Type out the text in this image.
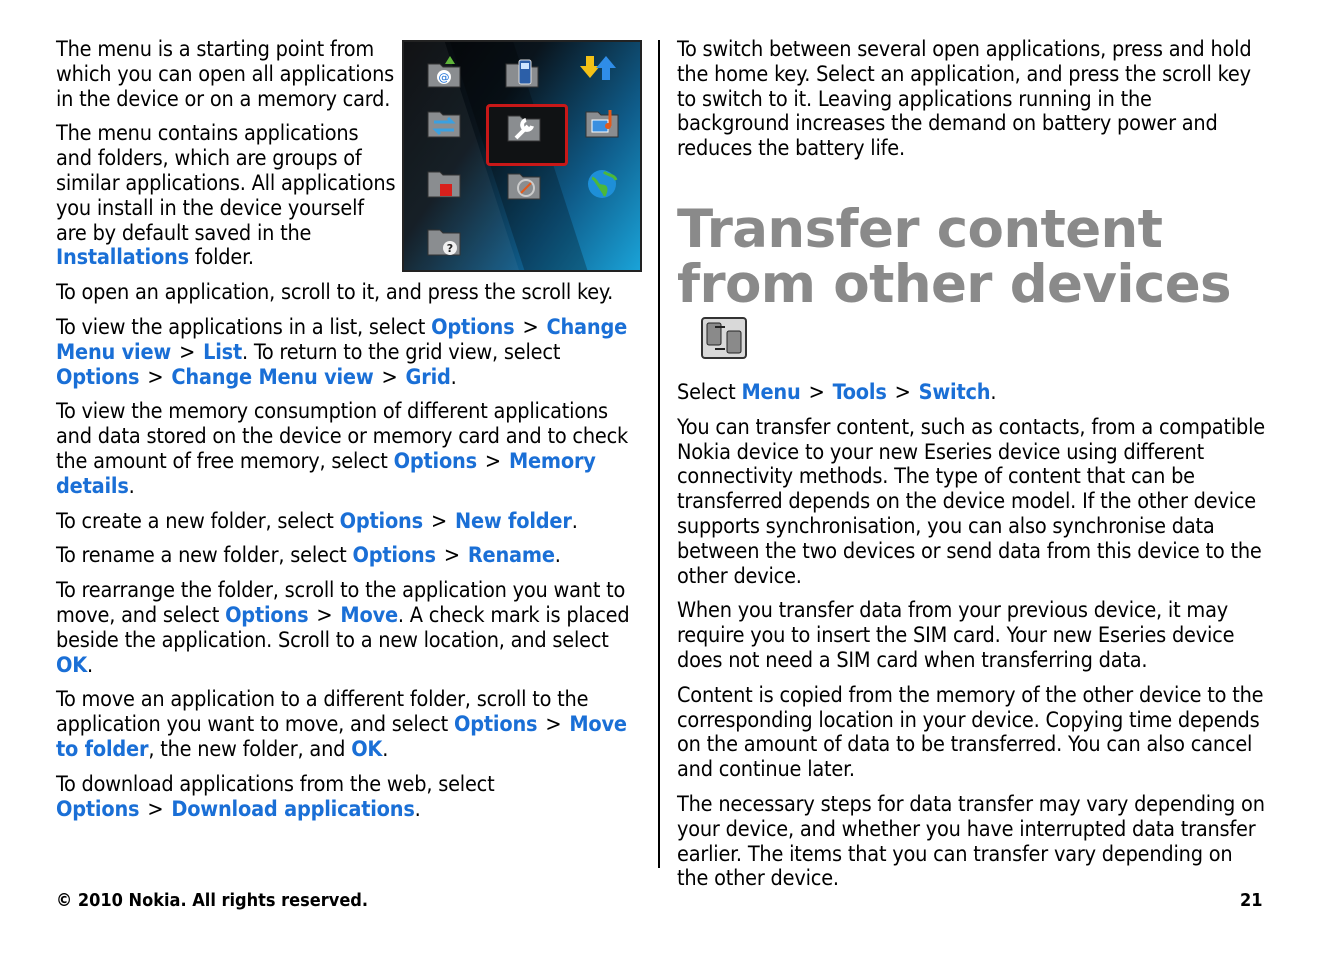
The menu is a starting point from which you can open all applications in the device or on a memory card.

The menu contains applications and folders, which are groups of similar applications. All applications you install in the device yourself are by default saved in the Installations folder.

To open an application, scroll to it, and press the scroll key.

To view the applications in a list, select Options > Change Menu view > List. To return to the grid view, select Options > Change Menu view > Grid.

To view the memory consumption of different applications and data stored on the device or memory card and to check the amount of free memory, select Options > Memory details.

To create a new folder, select Options > New folder.

To rename a new folder, select Options > Rename.

To rearrange the folder, scroll to the application you want to move, and select Options > Move. A check mark is placed beside the application. Scroll to a new location, and select OK.

To move an application to a different folder, scroll to the application you want to move, and select Options > Move to folder, the new folder, and OK.

To download applications from the web, select Options > Download applications.

@
?

To switch between several open applications, press and hold the home key. Select an application, and press the scroll key to switch to it. Leaving applications running in the background increases the demand on battery power and reduces the battery life.

Transfer content from other devices

Select Menu > Tools > Switch.

You can transfer content, such as contacts, from a compatible Nokia device to your new Eseries device using different connectivity methods. The type of content that can be transferred depends on the device model. If the other device supports synchronisation, you can also synchronise data between the two devices or send data from this device to the other device.

When you transfer data from your previous device, it may require you to insert the SIM card. Your new Eseries device does not need a SIM card when transferring data.

Content is copied from the memory of the other device to the corresponding location in your device. Copying time depends on the amount of data to be transferred. You can also cancel and continue later.

The necessary steps for data transfer may vary depending on your device, and whether you have interrupted data transfer earlier. The items that you can transfer vary depending on the other device.

© 2010 Nokia. All rights reserved.	21
